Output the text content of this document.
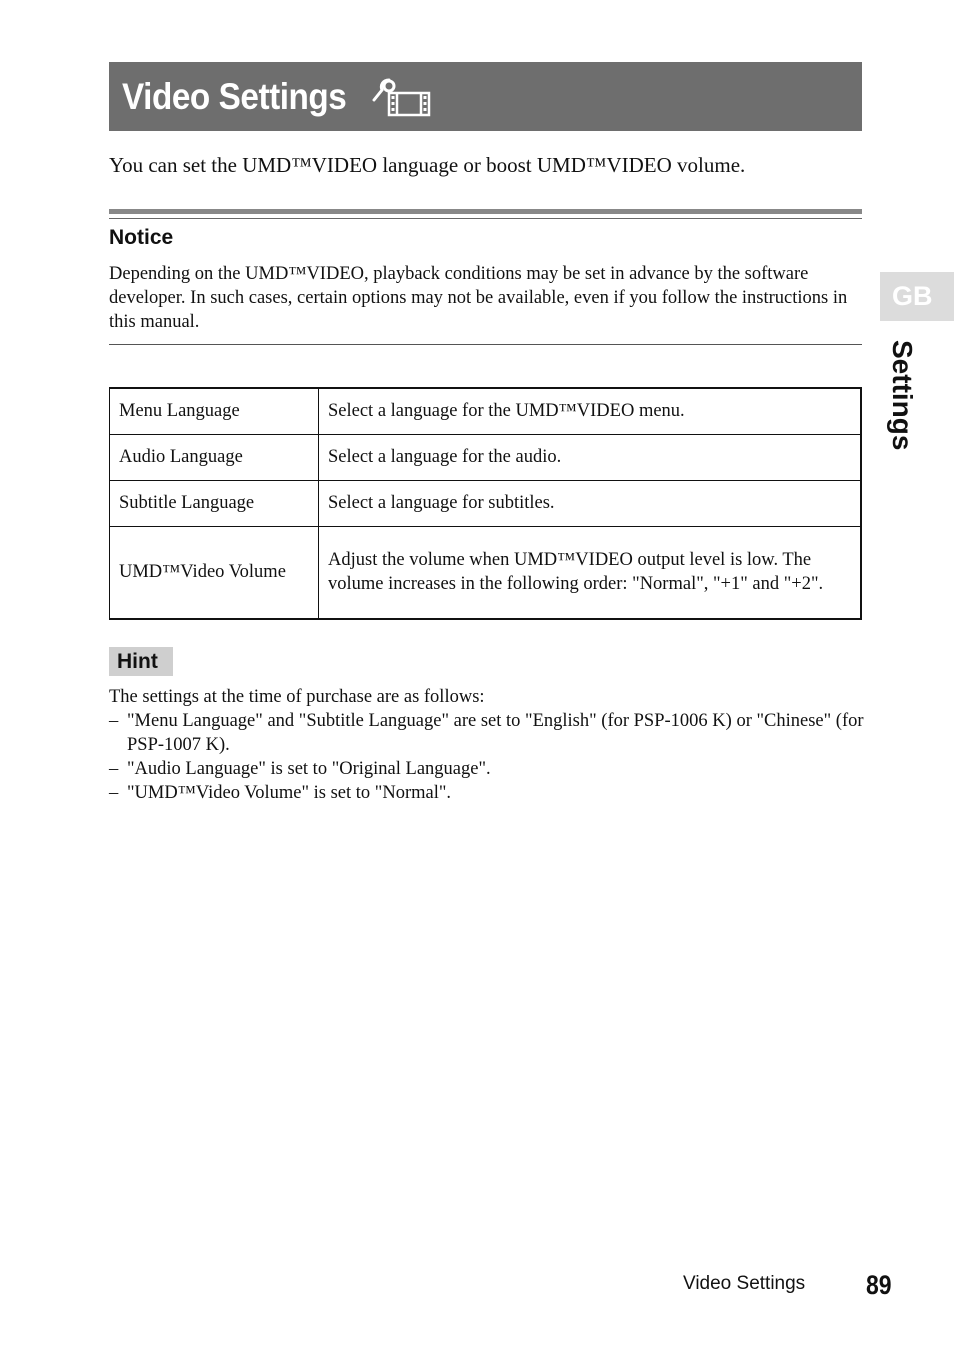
Video Settings
You can set the UMD™VIDEO language or boost UMD™VIDEO volume.
Notice
Depending on the UMD™VIDEO, playback conditions may be set in advance by the software developer. In such cases, certain options may not be available, even if you follow the instructions in this manual.
Menu Language	Select a language for the UMD™VIDEO menu.
Audio Language	Select a language for the audio.
Subtitle Language	Select a language for subtitles.
UMD™Video Volume	Adjust the volume when UMD™VIDEO output level is low. The volume increases in the following order: "Normal", "+1" and "+2".
Hint
The settings at the time of purchase are as follows:
– "Menu Language" and "Subtitle Language" are set to "English" (for PSP-1006 K) or "Chinese" (for PSP-1007 K).
– "Audio Language" is set to "Original Language".
– "UMD™Video Volume" is set to "Normal".
GB
Settings
Video Settings 89
